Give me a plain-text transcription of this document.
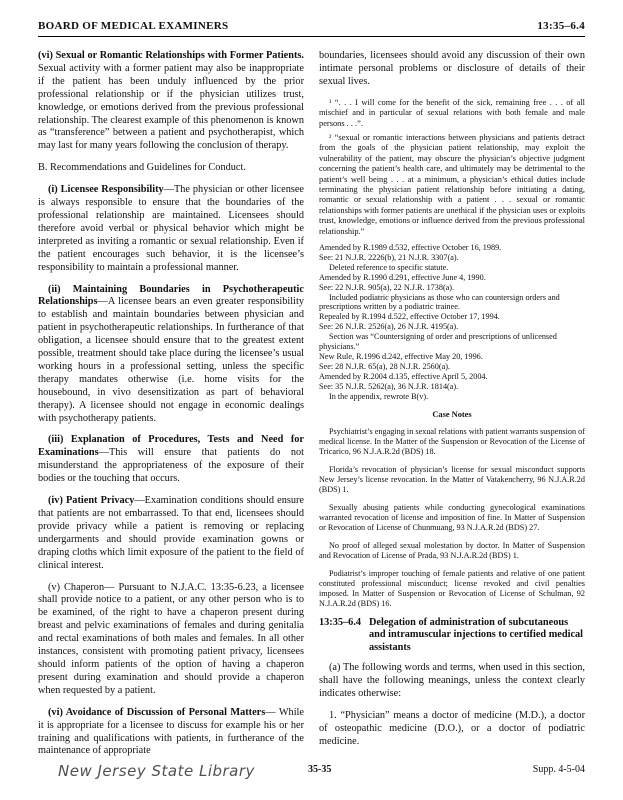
BOARD OF MEDICAL EXAMINERS	13:35–6.4

(vi) Sexual or Romantic Relationships with Former Patients. Sexual activity with a former patient may also be inappropriate if the patient has been unduly influenced by the prior professional relationship or if the physician utilizes trust, knowledge, or emotions derived from the previous professional relationship. The clearest example of this phenomenon is known as “transference” between a patient and psychotherapist, which may last for many years following the conclusion of therapy.

B. Recommendations and Guidelines for Conduct.

(i) Licensee Responsibility—The physician or other licensee is always responsible to ensure that the boundaries of the professional relationship are maintained. Licensees should therefore avoid verbal or physical behavior which might be interpreted as inviting a romantic or sexual relationship. Even if the patient encourages such behavior, it is the licensee’s responsibility to maintain a professional manner.

(ii) Maintaining Boundaries in Psychotherapeutic Relationships—A licensee bears an even greater responsibility to establish and maintain boundaries between physician and patient in psychotherapeutic relationships. In furtherance of that obligation, a licensee should ensure that to the greatest extent possible, treatment should take place during the licensee’s usual working hours in a professional setting, unless the specific therapy mandates otherwise (i.e. home visits for the housebound, in vivo desensitization as part of behavioral therapy). A licensee should not engage in economic dealings with psychotherapy patients.

(iii) Explanation of Procedures, Tests and Need for Examinations—This will ensure that patients do not misunderstand the appropriateness of the exposure of their bodies or the touching that occurs.

(iv) Patient Privacy—Examination conditions should ensure that patients are not embarrassed. To that end, licensees should provide privacy while a patient is removing or replacing undergarments and should provide examination gowns or draping cloths which limit exposure of the patient to the field of clinical interest.

(v) Chaperon— Pursuant to N.J.A.C. 13:35-6.23, a licensee shall provide notice to a patient, or any other person who is to be examined, of the right to have a chaperon present during breast and pelvic examinations of females and during genitalia and rectal examinations of both males and females. In all other instances, consistent with promoting patient privacy, licensees should inform patients of the option of having a chaperon present during examination and should provide a chaperon when requested by a patient.

(vi) Avoidance of Discussion of Personal Matters— While it is appropriate for a licensee to discuss for example his or her training and qualifications with patients, in furtherance of the maintenance of appropriate

boundaries, licensees should avoid any discussion of their own intimate personal problems or disclosure of details of their sexual lives.

¹ “. . . I will come for the benefit of the sick, remaining free . . . of all mischief and in particular of sexual relations with both female and male persons . . .”.

² “sexual or romantic interactions between physicians and patients detract from the goals of the physician patient relationship, may exploit the vulnerability of the patient, may obscure the physician’s objective judgment concerning the patient’s health care, and ultimately may be detrimental to the patient’s well being . . . at a minimum, a physician’s ethical duties include terminating the physician patient relationship before initiating a dating, romantic or sexual relationship with a patient . . . sexual or romantic relationships with former patients are unethical if the physician uses or exploits trust, knowledge, emotions or influence derived from the previous professional relationship.”

Amended by R.1989 d.532, effective October 16, 1989.

See: 21 N.J.R. 2226(b), 21 N.J.R. 3307(a).

Deleted reference to specific statute.

Amended by R.1990 d.291, effective June 4, 1990.

See: 22 N.J.R. 905(a), 22 N.J.R. 1738(a).

Included podiatric physicians as those who can countersign orders and prescriptions written by a podiatric trainee.

Repealed by R.1994 d.522, effective October 17, 1994.

See: 26 N.J.R. 2526(a), 26 N.J.R. 4195(a).

Section was “Countersigning of order and prescriptions of unlicensed physicians.”

New Rule, R.1996 d.242, effective May 20, 1996.

See: 28 N.J.R. 65(a), 28 N.J.R. 2560(a).

Amended by R.2004 d.135, effective April 5, 2004.

See: 35 N.J.R. 5262(a), 36 N.J.R. 1814(a).

In the appendix, rewrote B(v).

Case Notes

Psychiatrist’s engaging in sexual relations with patient warrants suspension of medical license. In the Matter of the Suspension or Revocation of the License of Tricarico, 96 N.J.A.R.2d (BDS) 18.

Florida’s revocation of physician’s license for sexual misconduct supports New Jersey’s license revocation. In the Matter of Vatakencherry, 96 N.J.A.R.2d (BDS) 1.

Sexually abusing patients while conducting gynecological examinations warranted revocation of license and imposition of fine. In Matter of Suspension or Revocation of License of Chunmuang, 93 N.J.A.R.2d (BDS) 27.

No proof of alleged sexual molestation by doctor. In Matter of Suspension and Revocation of License of Prada, 93 N.J.A.R.2d (BDS) 1.

Podiatrist’s improper touching of female patients and relative of one patient constituted professional misconduct; license revoked and civil penalties imposed. In Matter of Suspension or Revocation of License of Schulman, 92 N.J.A.R.2d (BDS) 16.

13:35–6.4 Delegation of administration of subcutaneous and intramuscular injections to certified medical assistants

(a) The following words and terms, when used in this section, shall have the following meanings, unless the context clearly indicates otherwise:

1. “Physician” means a doctor of medicine (M.D.), a doctor of osteopathic medicine (D.O.), or a doctor of podiatric medicine.

New Jersey State Library	35-35	Supp. 4-5-04
